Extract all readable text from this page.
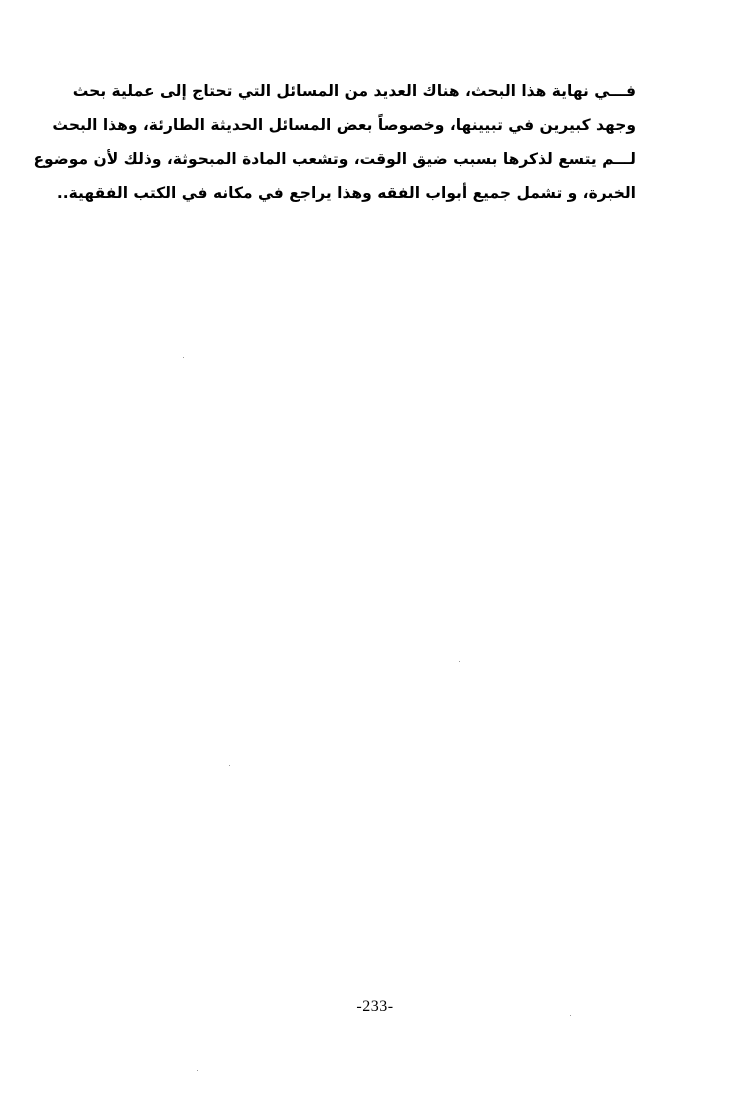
فـــي نهاية هذا البحث، هناك العديد من المسائل التي تحتاج إلى عملية بحث
وجهد كبيرين في تبيينها، وخصوصاً بعض المسائل الحديثة الطارئة، وهذا البحث
لـــم يتسع لذكرها بسبب ضيق الوقت، وتشعب المادة المبحوثة، وذلك لأن موضوع
الخبرة، و تشمل جميع أبواب الفقه وهذا يراجع في مكانه في الكتب الفقهية..
-233-
